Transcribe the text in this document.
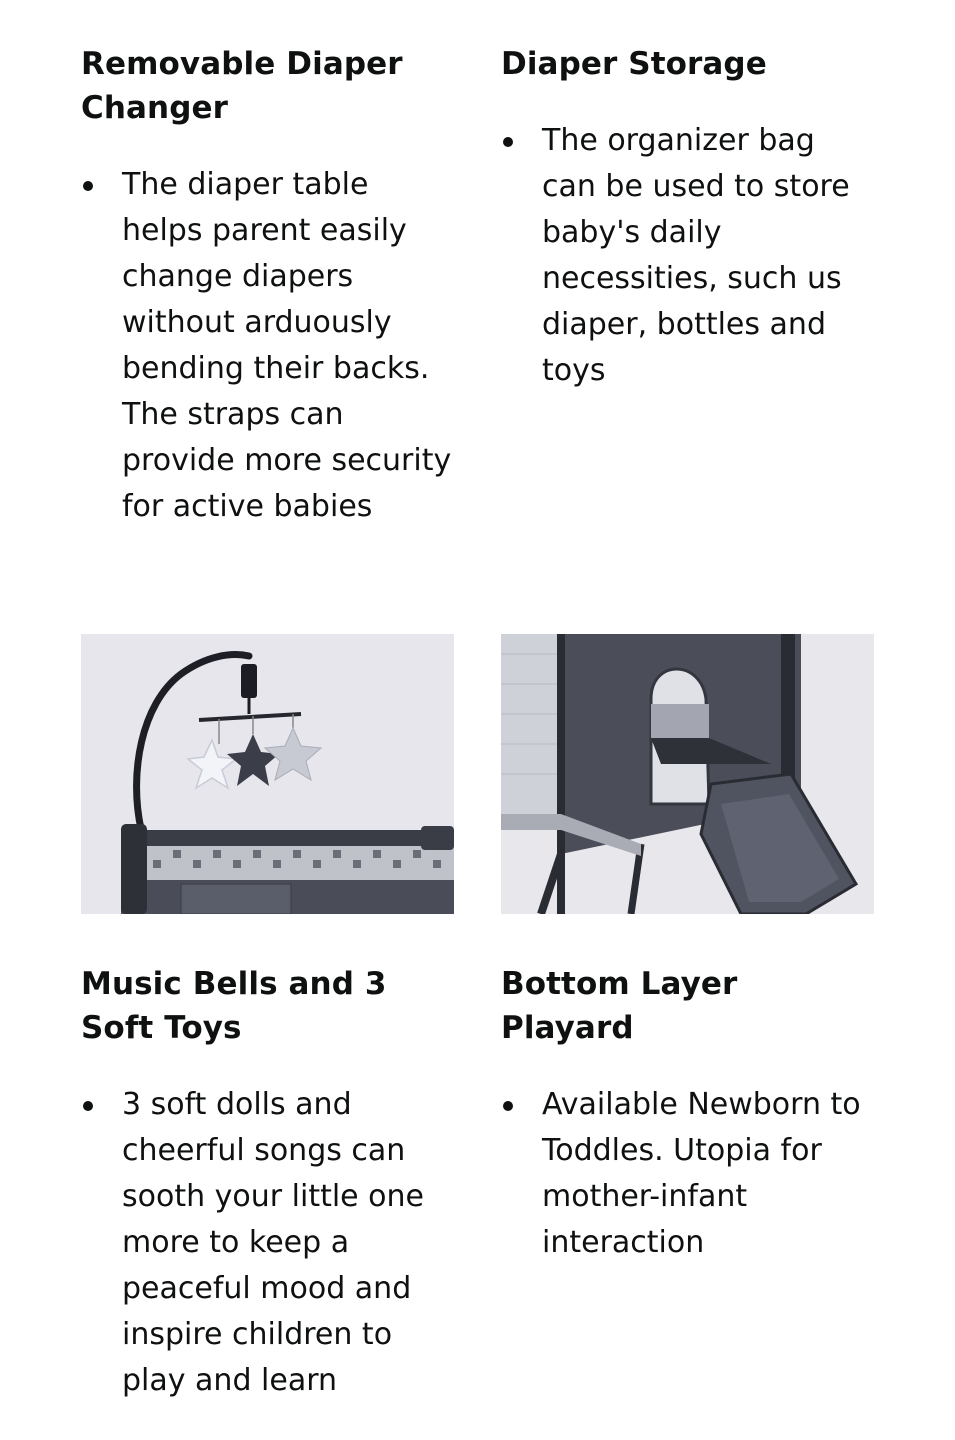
Removable Diaper Changer
The diaper table helps parent easily change diapers without arduously bending their backs. The straps can provide more security for active babies
Diaper Storage
The organizer bag can be used to store baby's daily necessities, such us diaper, bottles and toys
Music Bells and 3 Soft Toys
3 soft dolls and cheerful songs can sooth your little one more to keep a peaceful mood and inspire children to play and learn
Bottom Layer Playard
Available Newborn to Toddles. Utopia for mother-infant interaction
